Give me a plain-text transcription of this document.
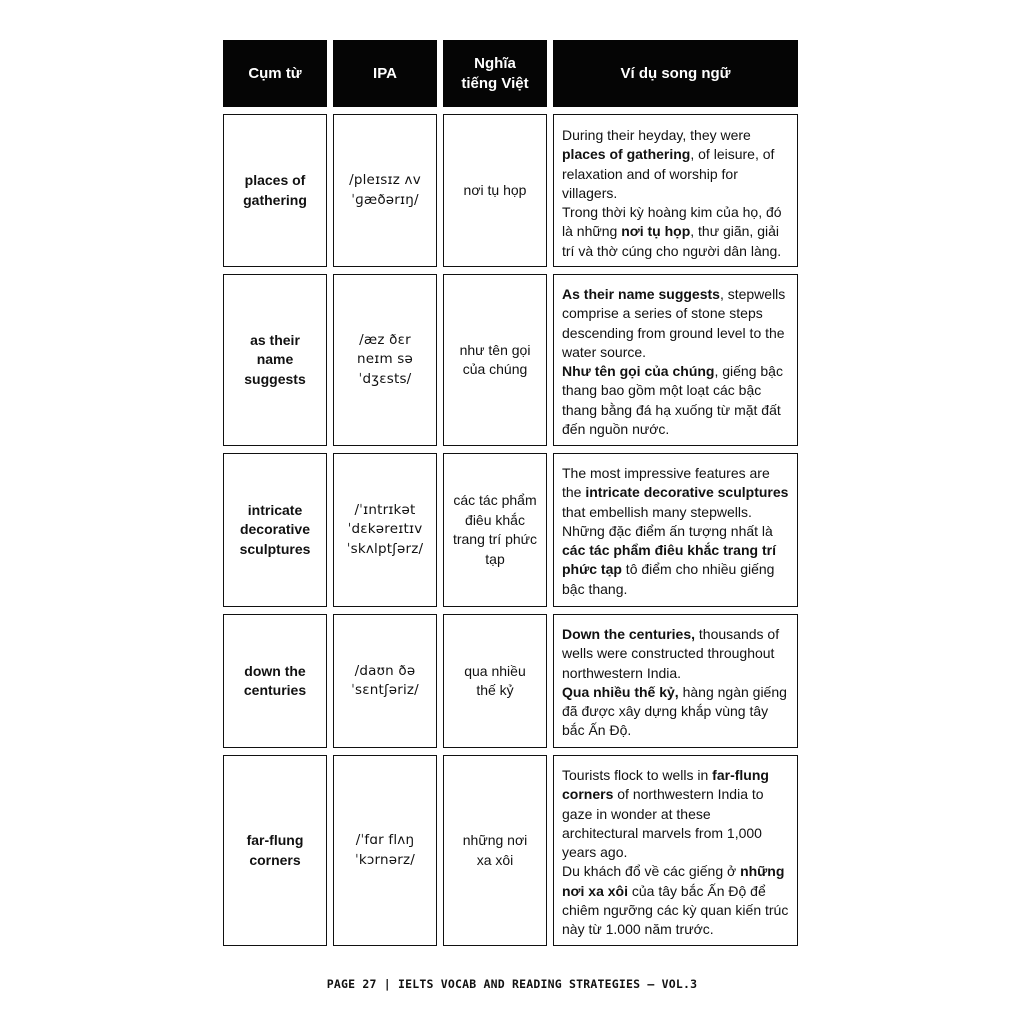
Cụm từ	IPA
Nghĩa tiếng Việt
Ví dụ song ngữ
places of gathering
/pleɪsɪz ʌv ˈɡæðərɪŋ/
nơi tụ họp

During their heyday, they were places of gathering, of leisure, of relaxation and of worship for villagers.

Trong thời kỳ hoàng kim của họ, đó là những nơi tụ họp, thư giãn, giải trí và thờ cúng cho người dân làng.

as their name suggests
/æz ðɛr neɪm səˈdʒɛsts/
như tên gọi của chúng

As their name suggests, stepwells comprise a series of stone steps descending from ground level to the water source.

Như tên gọi của chúng, giếng bậc thang bao gồm một loạt các bậc thang bằng đá hạ xuống từ mặt đất đến nguồn nước.

intricate decorative sculptures
/ˈɪntrɪkət ˈdɛkəreɪtɪv ˈskʌlptʃərz/
các tác phẩm điêu khắc trang trí phức tạp

The most impressive features are the intricate decorative sculptures that embellish many stepwells.

Những đặc điểm ấn tượng nhất là các tác phẩm điêu khắc trang trí phức tạp tô điểm cho nhiều giếng bậc thang.

down the centuries
/daʊn ðə ˈsɛntʃəriz/
qua nhiều thế kỷ

Down the centuries, thousands of wells were constructed throughout northwestern India.

Qua nhiều thế kỷ, hàng ngàn giếng đã được xây dựng khắp vùng tây bắc Ấn Độ.

far-flung corners
/ˈfɑr flʌŋ ˈkɔrnərz/
những nơi xa xôi

Tourists flock to wells in far-flung corners of northwestern India to gaze in wonder at these architectural marvels from 1,000 years ago.

Du khách đổ về các giếng ở những nơi xa xôi của tây bắc Ấn Độ để chiêm ngưỡng các kỳ quan kiến trúc này từ 1.000 năm trước.

PAGE 27 | IELTS VOCAB AND READING STRATEGIES – VOL.3
